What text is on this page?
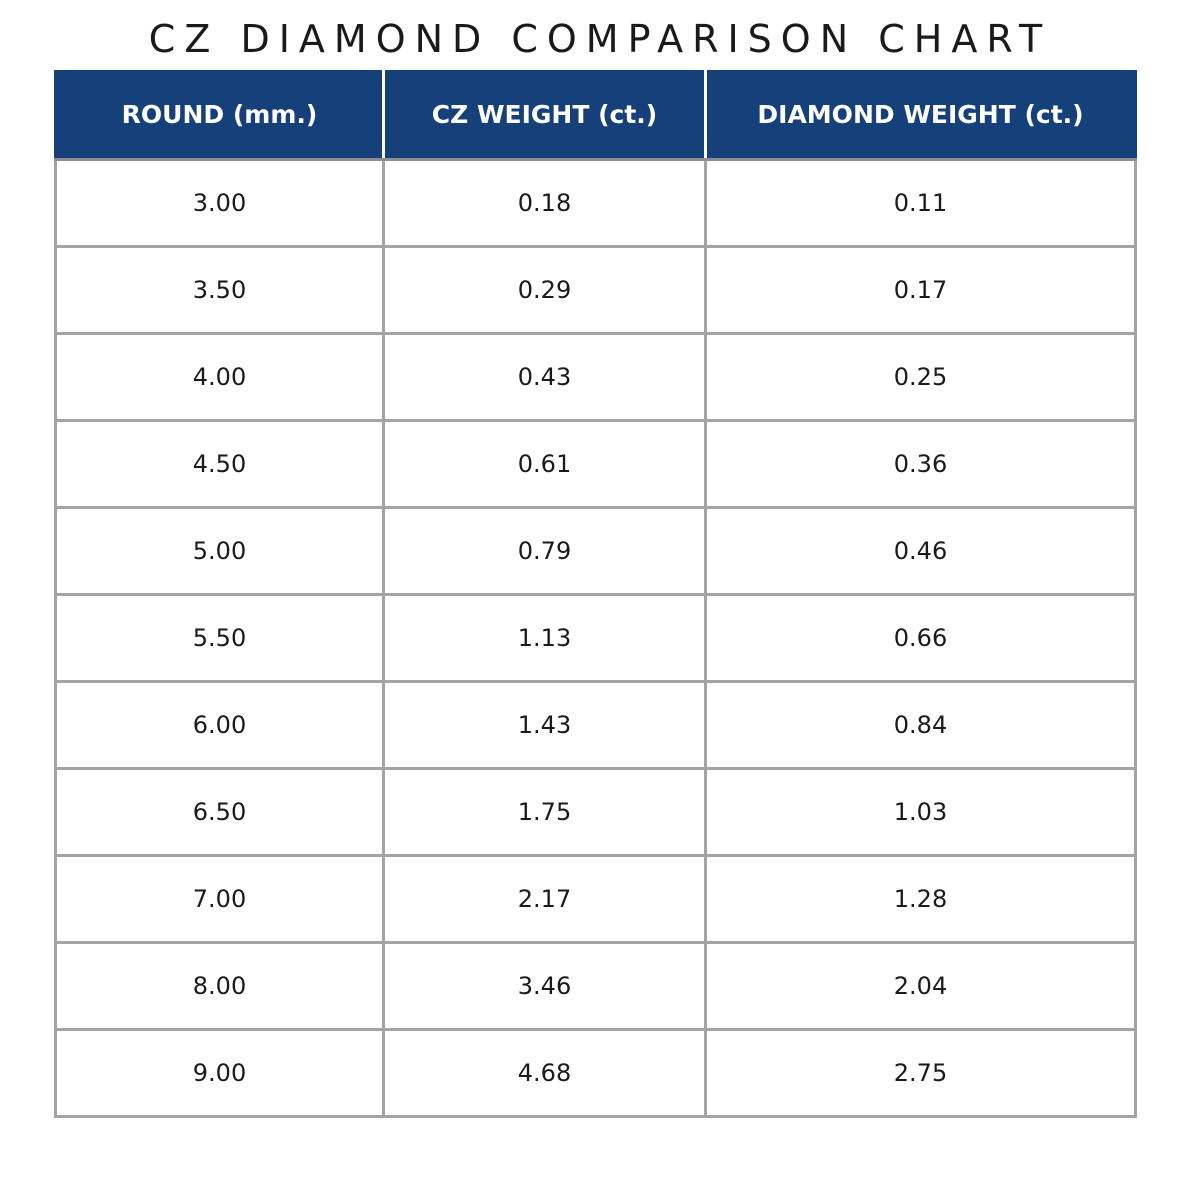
CZ DIAMOND COMPARISON CHART
ROUND (mm.)	CZ WEIGHT (ct.)	DIAMOND WEIGHT (ct.)
3.00	0.18	0.11
3.50	0.29	0.17
4.00	0.43	0.25
4.50	0.61	0.36
5.00	0.79	0.46
5.50	1.13	0.66
6.00	1.43	0.84
6.50	1.75	1.03
7.00	2.17	1.28
8.00	3.46	2.04
9.00	4.68	2.75
